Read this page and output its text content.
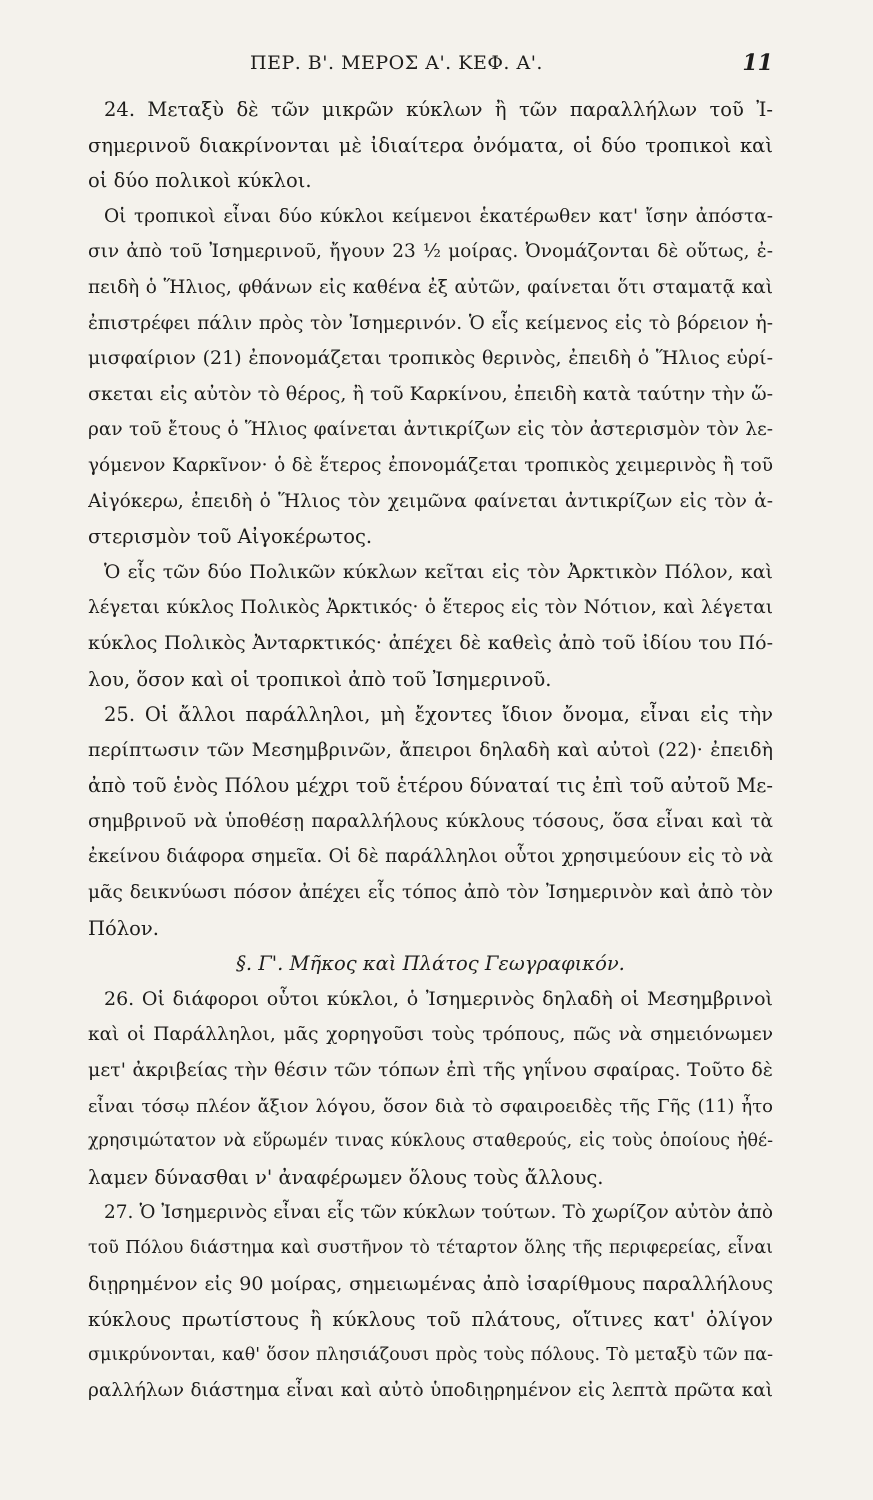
ΠΕΡ. Β'. ΜΕΡΟΣ Α'. ΚΕΦ. Α'.	11
24. Μεταξὺ δὲ τῶν μικρῶν κύκλων ἢ τῶν παραλλήλων τοῦ Ἰ-
σημερινοῦ διακρίνονται μὲ ἰδιαίτερα ὀνόματα, οἱ δύο τροπικοὶ καὶ
οἱ δύο πολικοὶ κύκλοι.
Οἱ τροπικοὶ εἶναι δύο κύκλοι κείμενοι ἑκατέρωθεν κατ' ἴσην ἀπόστα-
σιν ἀπὸ τοῦ Ἰσημερινοῦ, ἤγουν 23 ½ μοίρας. Ὀνομάζονται δὲ οὕτως, ἐ-
πειδὴ ὁ Ἥλιος, φθάνων εἰς καθένα ἐξ αὐτῶν, φαίνεται ὅτι σταματᾷ καὶ
ἐπιστρέφει πάλιν πρὸς τὸν Ἰσημερινόν. Ὁ εἷς κείμενος εἰς τὸ βόρειον ἡ-
μισφαίριον (21) ἐπονομάζεται τροπικὸς θερινὸς, ἐπειδὴ ὁ Ἥλιος εὑρί-
σκεται εἰς αὐτὸν τὸ θέρος, ἢ τοῦ Καρκίνου, ἐπειδὴ κατὰ ταύτην τὴν ὥ-
ραν τοῦ ἔτους ὁ Ἥλιος φαίνεται ἀντικρίζων εἰς τὸν ἀστερισμὸν τὸν λε-
γόμενον Καρκῖνον· ὁ δὲ ἕτερος ἐπονομάζεται τροπικὸς χειμερινὸς ἢ τοῦ
Αἰγόκερω, ἐπειδὴ ὁ Ἥλιος τὸν χειμῶνα φαίνεται ἀντικρίζων εἰς τὸν ἀ-
στερισμὸν τοῦ Αἰγοκέρωτος.
Ὁ εἷς τῶν δύο Πολικῶν κύκλων κεῖται εἰς τὸν Ἀρκτικὸν Πόλον, καὶ
λέγεται κύκλος Πολικὸς Ἀρκτικός· ὁ ἕτερος εἰς τὸν Νότιον, καὶ λέγεται
κύκλος Πολικὸς Ἀνταρκτικός· ἀπέχει δὲ καθεὶς ἀπὸ τοῦ ἰδίου του Πό-
λου, ὅσον καὶ οἱ τροπικοὶ ἀπὸ τοῦ Ἰσημερινοῦ.
25. Οἱ ἄλλοι παράλληλοι, μὴ ἔχοντες ἴδιον ὄνομα, εἶναι εἰς τὴν
περίπτωσιν τῶν Μεσημβρινῶν, ἄπειροι δηλαδὴ καὶ αὐτοὶ (22)· ἐπειδὴ
ἀπὸ τοῦ ἑνὸς Πόλου μέχρι τοῦ ἑτέρου δύναταί τις ἐπὶ τοῦ αὐτοῦ Με-
σημβρινοῦ νὰ ὑποθέσῃ παραλλήλους κύκλους τόσους, ὅσα εἶναι καὶ τὰ
ἐκείνου διάφορα σημεῖα. Οἱ δὲ παράλληλοι οὗτοι χρησιμεύουν εἰς τὸ νὰ
μᾶς δεικνύωσι πόσον ἀπέχει εἷς τόπος ἀπὸ τὸν Ἰσημερινὸν καὶ ἀπὸ τὸν
Πόλον.
§. Γ'. Μῆκος καὶ Πλάτος Γεωγραφικόν.
26. Οἱ διάφοροι οὗτοι κύκλοι, ὁ Ἰσημερινὸς δηλαδὴ οἱ Μεσημβρινοὶ
καὶ οἱ Παράλληλοι, μᾶς χορηγοῦσι τοὺς τρόπους, πῶς νὰ σημειόνωμεν
μετ' ἀκριβείας τὴν θέσιν τῶν τόπων ἐπὶ τῆς γηΐνου σφαίρας. Τοῦτο δὲ
εἶναι τόσῳ πλέον ἄξιον λόγου, ὅσον διὰ τὸ σφαιροειδὲς τῆς Γῆς (11) ἦτο
χρησιμώτατον νὰ εὕρωμέν τινας κύκλους σταθερούς, εἰς τοὺς ὁποίους ἠθέ-
λαμεν δύνασθαι ν' ἀναφέρωμεν ὅλους τοὺς ἄλλους.
27. Ὁ Ἰσημερινὸς εἶναι εἷς τῶν κύκλων τούτων. Τὸ χωρίζον αὐτὸν ἀπὸ
τοῦ Πόλου διάστημα καὶ συστῆνον τὸ τέταρτον ὅλης τῆς περιφερείας, εἶναι
διῃρημένον εἰς 90 μοίρας, σημειωμένας ἀπὸ ἰσαρίθμους παραλλήλους
κύκλους πρωτίστους ἢ κύκλους τοῦ πλάτους, οἵτινες κατ' ὀλίγον
σμικρύνονται, καθ' ὅσον πλησιάζουσι πρὸς τοὺς πόλους. Τὸ μεταξὺ τῶν πα-
ραλλήλων διάστημα εἶναι καὶ αὐτὸ ὑποδιῃρημένον εἰς λεπτὰ πρῶτα καὶ
